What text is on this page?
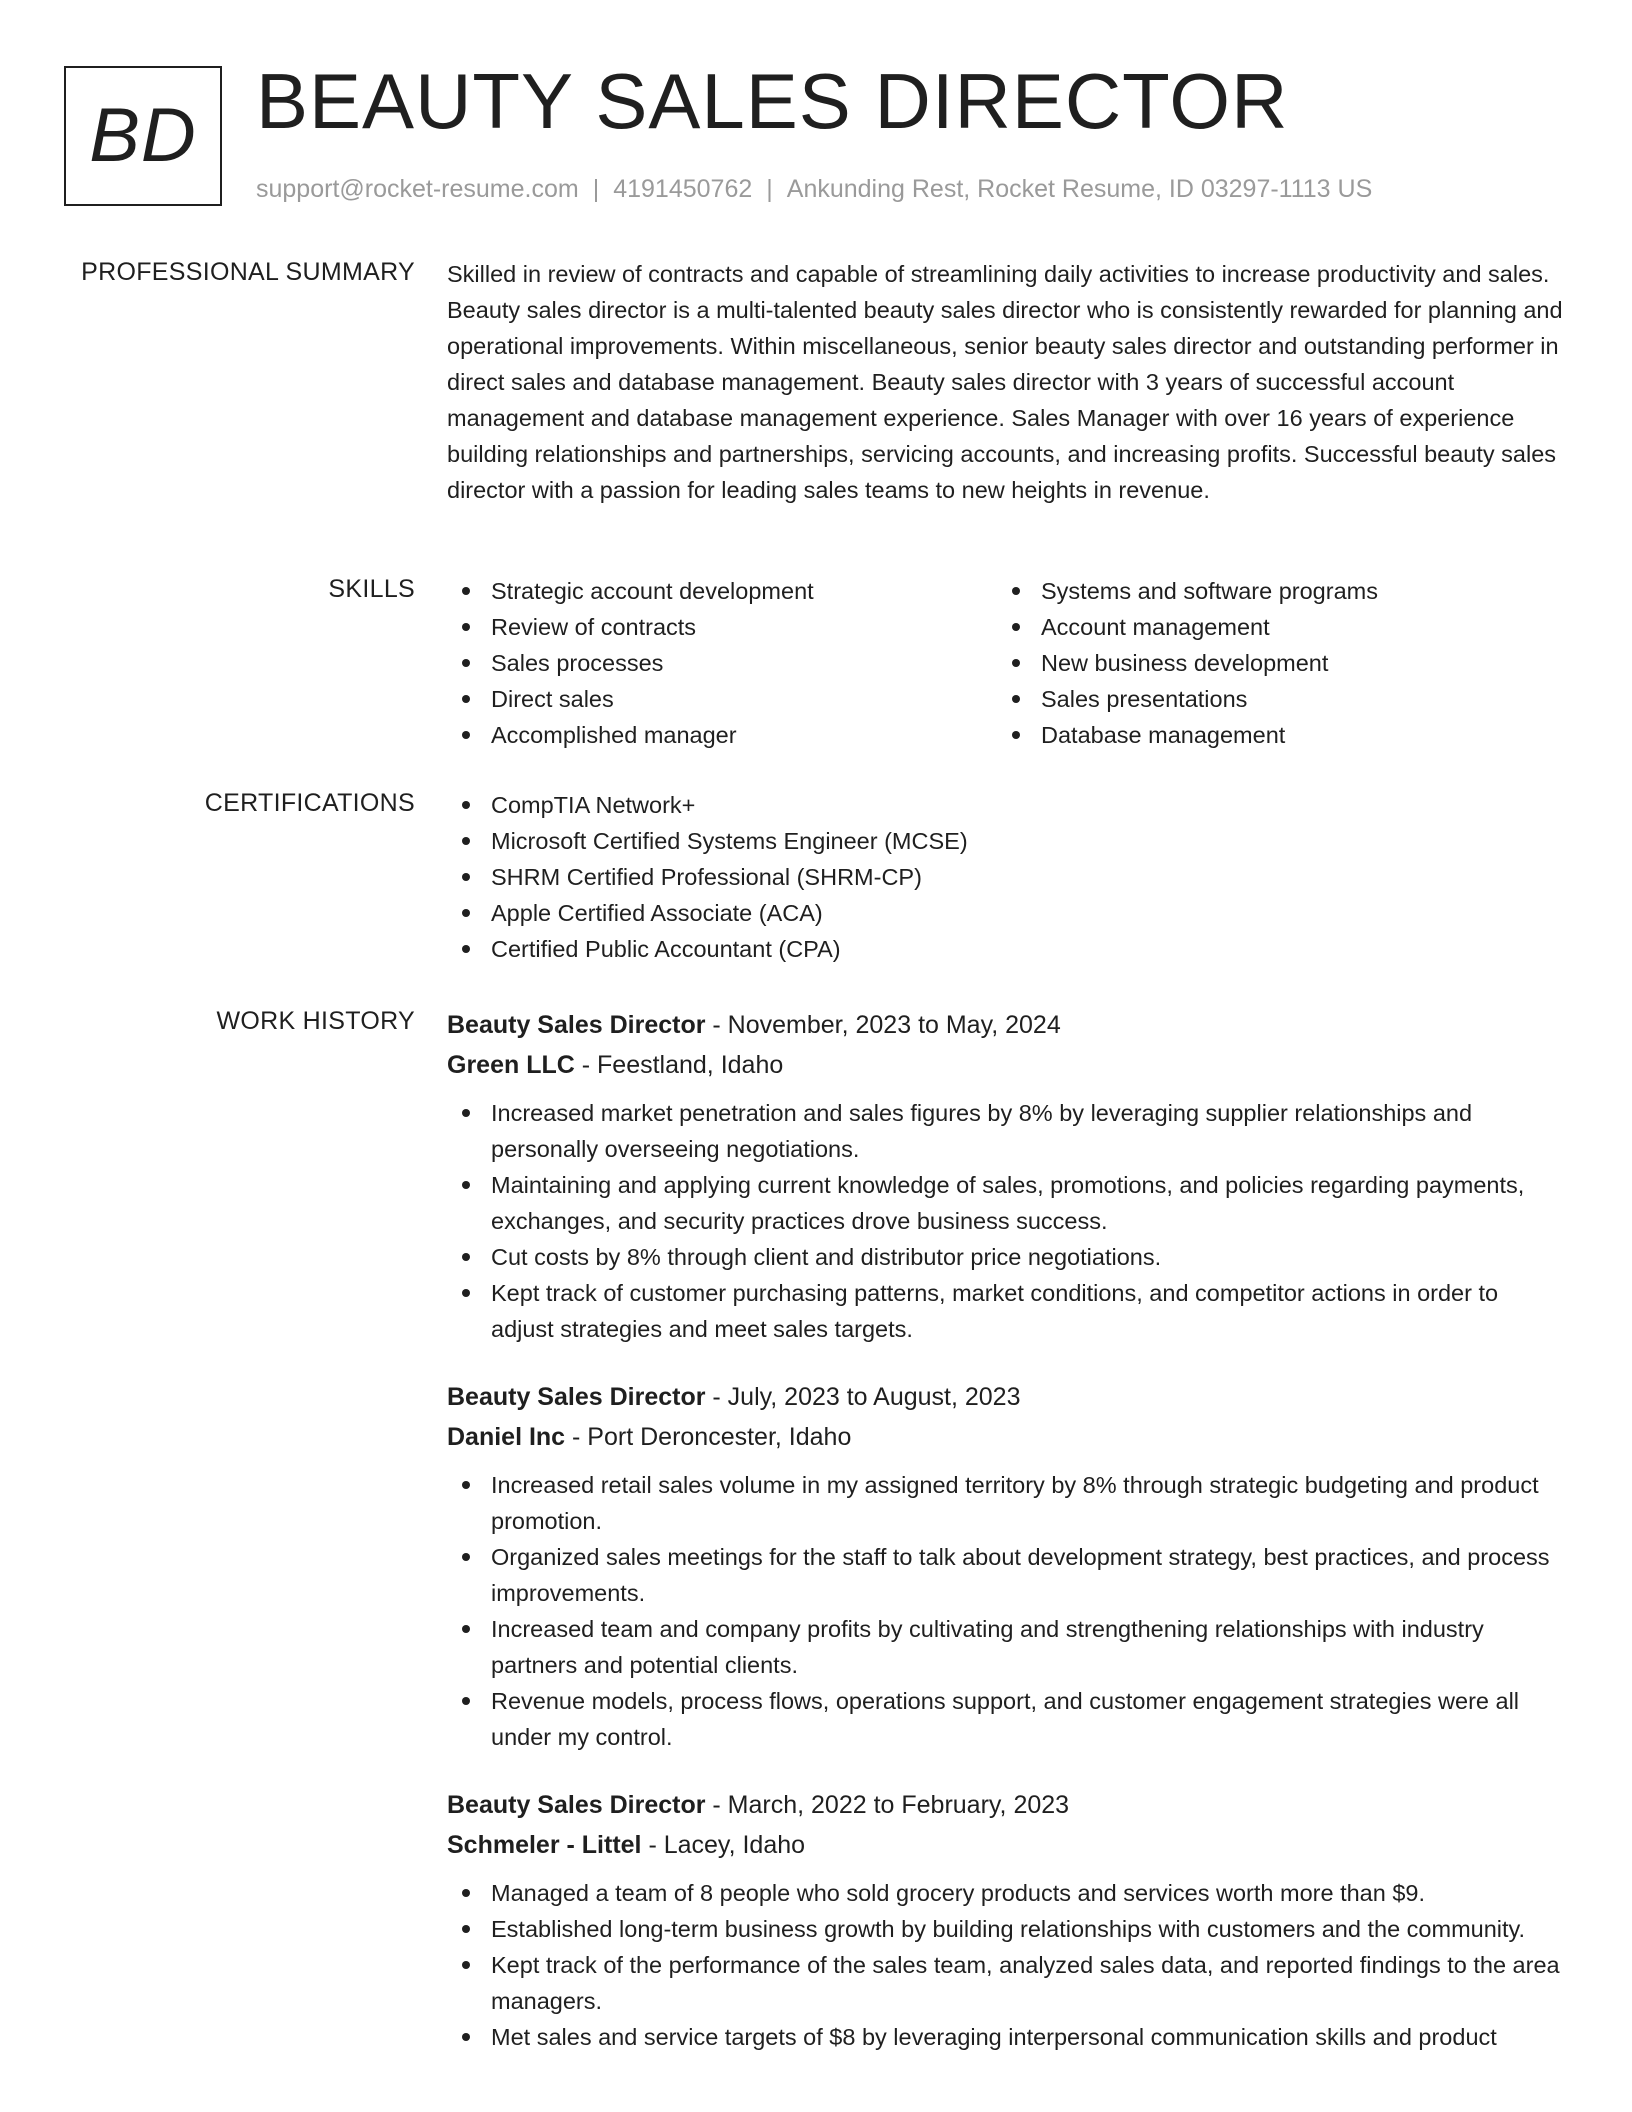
BD BEAUTY SALES DIRECTOR
support@rocket-resume.com | 4191450762 | Ankunding Rest, Rocket Resume, ID 03297-1113 US
PROFESSIONAL SUMMARY Skilled in review of contracts and capable of streamlining daily activities to increase productivity and sales. Beauty sales director is a multi-talented beauty sales director who is consistently rewarded for planning and operational improvements. Within miscellaneous, senior beauty sales director and outstanding performer in direct sales and database management. Beauty sales director with 3 years of successful account management and database management experience. Sales Manager with over 16 years of experience building relationships and partnerships, servicing accounts, and increasing profits. Successful beauty sales director with a passion for leading sales teams to new heights in revenue.

SKILLS	Strategic account development
Review of contracts
Sales processes
Direct sales
Accomplished manager
Systems and software programs
Account management
New business development
Sales presentations
Database management
CERTIFICATIONS	CompTIA Network+
Microsoft Certified Systems Engineer (MCSE)
SHRM Certified Professional (SHRM-CP)
Apple Certified Associate (ACA)
Certified Public Accountant (CPA)
WORK HISTORY Beauty Sales Director - November, 2023 to May, 2024
Green LLC - Feestland, Idaho
Increased market penetration and sales figures by 8% by leveraging supplier relationships and personally overseeing negotiations.
Maintaining and applying current knowledge of sales, promotions, and policies regarding payments, exchanges, and security practices drove business success.
Cut costs by 8% through client and distributor price negotiations.
Kept track of customer purchasing patterns, market conditions, and competitor actions in order to adjust strategies and meet sales targets.
Beauty Sales Director - July, 2023 to August, 2023
Daniel Inc - Port Deroncester, Idaho
Increased retail sales volume in my assigned territory by 8% through strategic budgeting and product promotion.
Organized sales meetings for the staff to talk about development strategy, best practices, and process improvements.
Increased team and company profits by cultivating and strengthening relationships with industry partners and potential clients.
Revenue models, process flows, operations support, and customer engagement strategies were all under my control.
Beauty Sales Director - March, 2022 to February, 2023
Schmeler - Littel - Lacey, Idaho
Managed a team of 8 people who sold grocery products and services worth more than $9.
Established long-term business growth by building relationships with customers and the community.
Kept track of the performance of the sales team, analyzed sales data, and reported findings to the area managers.
Met sales and service targets of $8 by leveraging interpersonal communication skills and product
